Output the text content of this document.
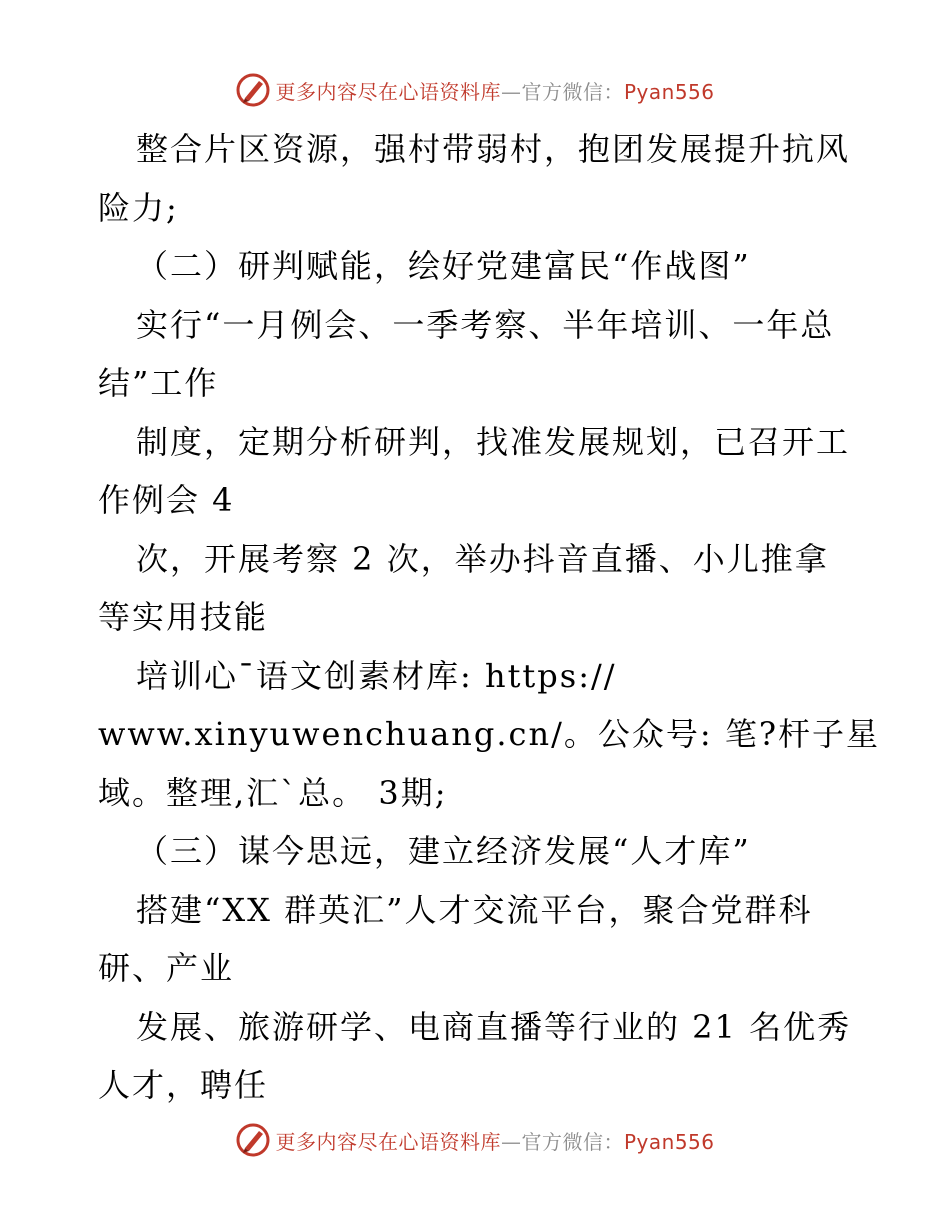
更多内容尽在心语资料库—官方微信：Pyan556
整合片区资源，强村带弱村，抱团发展提升抗风
险力;
（二）研判赋能，绘好党建富民“作战图”
实行“一月例会、一季考察、半年培训、一年总
结”工作
制度，定期分析研判，找准发展规划，已召开工
作例会 4
次，开展考察 2 次，举办抖音直播、小儿推拿
等实用技能
培训心¯语文创素材库: https://
www.xinyuwenchuang.cn/。公众号: 笔?杆子星
域。整理,汇`总。 3期;
（三）谋今思远，建立经济发展“人才库”
搭建“XX 群英汇”人才交流平台，聚合党群科
研、产业
发展、旅游研学、电商直播等行业的 21 名优秀
人才，聘任
更多内容尽在心语资料库—官方微信：Pyan556
